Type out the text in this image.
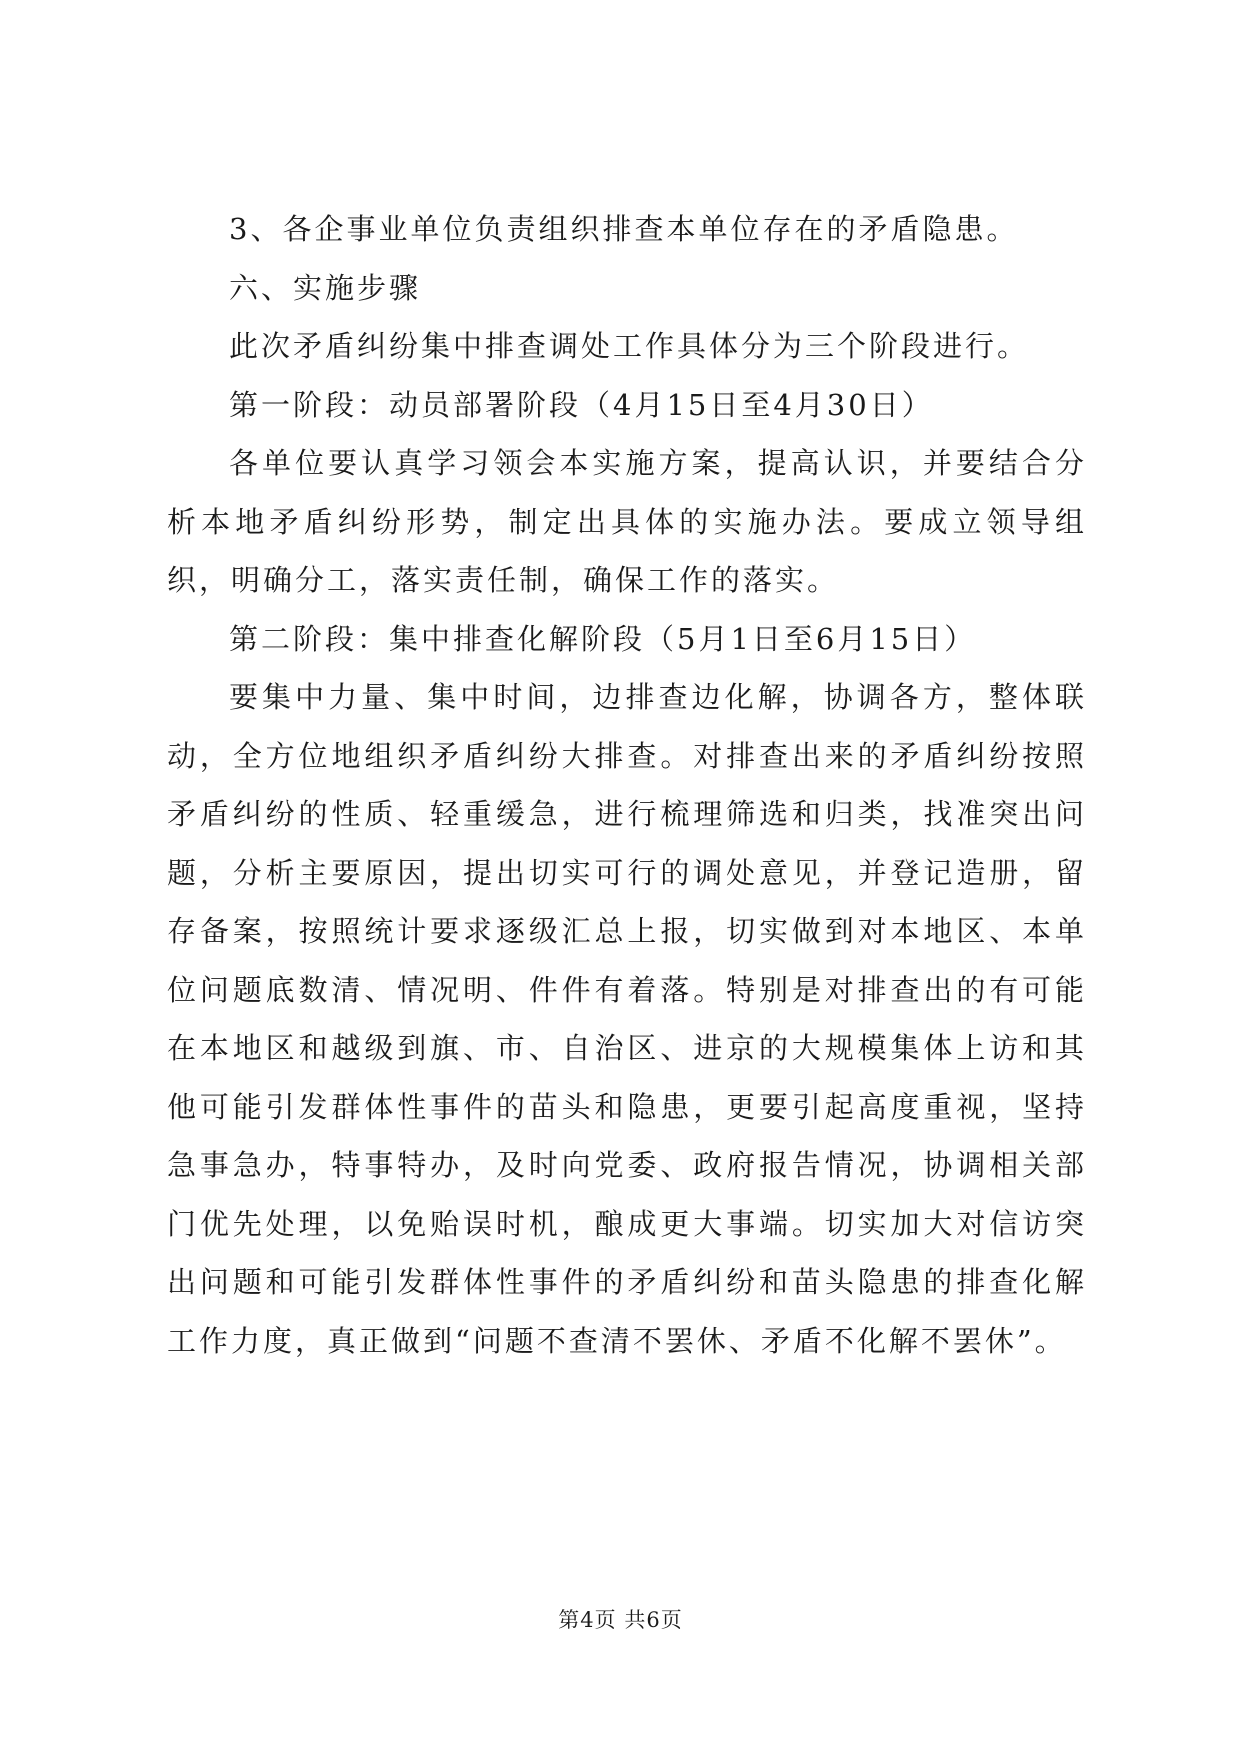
3、各企事业单位负责组织排查本单位存在的矛盾隐患。

六、实施步骤

此次矛盾纠纷集中排查调处工作具体分为三个阶段进行。

第一阶段：动员部署阶段（4月15日至4月30日）

各单位要认真学习领会本实施方案，提高认识，并要结合分析本地矛盾纠纷形势，制定出具体的实施办法。要成立领导组织，明确分工，落实责任制，确保工作的落实。

第二阶段：集中排查化解阶段（5月1日至6月15日）

要集中力量、集中时间，边排查边化解，协调各方，整体联动，全方位地组织矛盾纠纷大排查。对排查出来的矛盾纠纷按照矛盾纠纷的性质、轻重缓急，进行梳理筛选和归类，找准突出问题，分析主要原因，提出切实可行的调处意见，并登记造册，留存备案，按照统计要求逐级汇总上报，切实做到对本地区、本单位问题底数清、情况明、件件有着落。特别是对排查出的有可能在本地区和越级到旗、市、自治区、进京的大规模集体上访和其他可能引发群体性事件的苗头和隐患，更要引起高度重视，坚持急事急办，特事特办，及时向党委、政府报告情况，协调相关部门优先处理，以免贻误时机，酿成更大事端。切实加大对信访突出问题和可能引发群体性事件的矛盾纠纷和苗头隐患的排查化解工作力度，真正做到“问题不查清不罢休、矛盾不化解不罢休”。

第4页 共6页
